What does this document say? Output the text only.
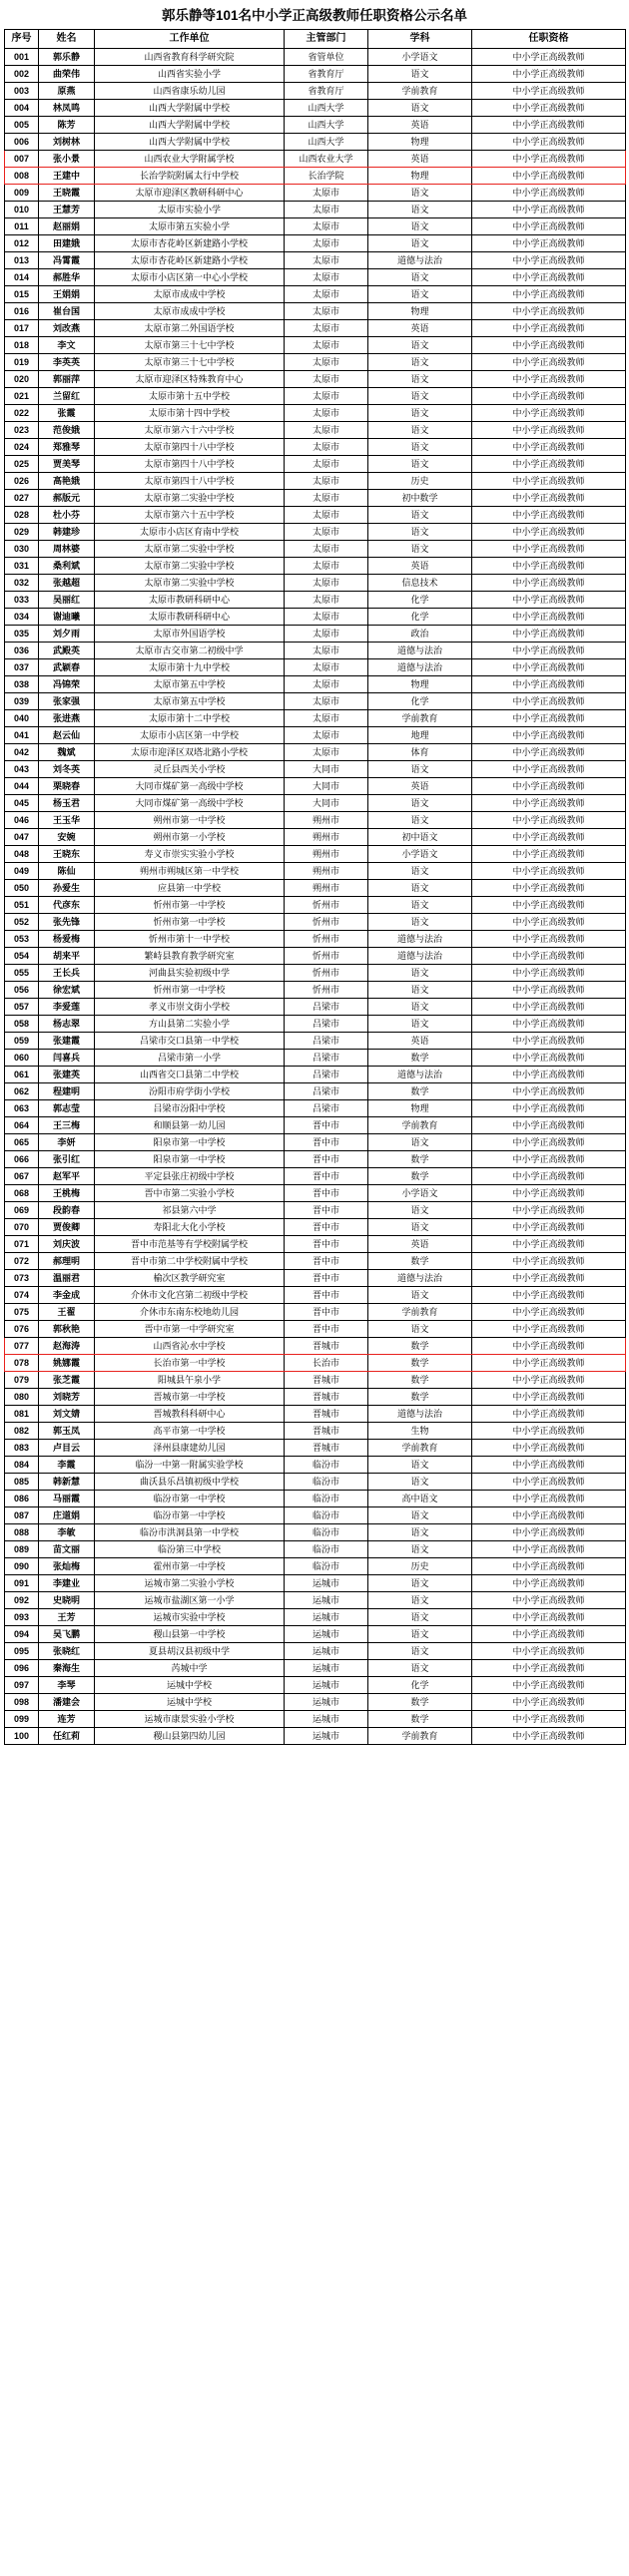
郭乐静等101名中小学正高级教师任职资格公示名单
序号	姓名	工作单位	主管部门	学科	任职资格
001	郭乐静	山西省教育科学研究院	省管单位	小学语文	中小学正高级教师
002	曲荣伟	山西省实验小学	省教育厅	语文	中小学正高级教师
003	原燕	山西省康乐幼儿园	省教育厅	学前教育	中小学正高级教师
004	林凤鸣	山西大学附属中学校	山西大学	语文	中小学正高级教师
005	陈芳	山西大学附属中学校	山西大学	英语	中小学正高级教师
006	刘树林	山西大学附属中学校	山西大学	物理	中小学正高级教师
007	张小景	山西农业大学附属学校	山西农业大学	英语	中小学正高级教师
008	王建中	长治学院附属太行中学校	长治学院	物理	中小学正高级教师
009	王晓霞	太原市迎泽区教研科研中心	太原市	语文	中小学正高级教师
010	王慧芳	太原市实验小学	太原市	语文	中小学正高级教师
011	赵丽娟	太原市第五实验小学	太原市	语文	中小学正高级教师
012	田建娥	太原市杏花岭区新建路小学校	太原市	语文	中小学正高级教师
013	冯霄霞	太原市杏花岭区新建路小学校	太原市	道德与法治	中小学正高级教师
014	郝胜华	太原市小店区第一中心小学校	太原市	语文	中小学正高级教师
015	王娟娟	太原市成成中学校	太原市	语文	中小学正高级教师
016	崔台国	太原市成成中学校	太原市	物理	中小学正高级教师
017	刘改燕	太原市第二外国语学校	太原市	英语	中小学正高级教师
018	李文	太原市第三十七中学校	太原市	语文	中小学正高级教师
019	李英英	太原市第三十七中学校	太原市	语文	中小学正高级教师
020	郭丽萍	太原市迎泽区特殊教育中心	太原市	语文	中小学正高级教师
021	兰留红	太原市第十五中学校	太原市	语文	中小学正高级教师
022	张霞	太原市第十四中学校	太原市	语文	中小学正高级教师
023	范俊娥	太原市第六十六中学校	太原市	语文	中小学正高级教师
024	郑雅琴	太原市第四十八中学校	太原市	语文	中小学正高级教师
025	贾美琴	太原市第四十八中学校	太原市	语文	中小学正高级教师
026	高艳娥	太原市第四十八中学校	太原市	历史	中小学正高级教师
027	郝版元	太原市第二实验中学校	太原市	初中数学	中小学正高级教师
028	杜小芬	太原市第六十五中学校	太原市	语文	中小学正高级教师
029	韩建珍	太原市小店区育南中学校	太原市	语文	中小学正高级教师
030	周林婆	太原市第二实验中学校	太原市	语文	中小学正高级教师
031	桑利斌	太原市第二实验中学校	太原市	英语	中小学正高级教师
032	张越超	太原市第二实验中学校	太原市	信息技术	中小学正高级教师
033	吴丽红	太原市教研科研中心	太原市	化学	中小学正高级教师
034	谢迪曦	太原市教研科研中心	太原市	化学	中小学正高级教师
035	刘夕雨	太原市外国语学校	太原市	政治	中小学正高级教师
036	武殿英	太原市古交市第二初级中学	太原市	道德与法治	中小学正高级教师
037	武颖春	太原市第十九中学校	太原市	道德与法治	中小学正高级教师
038	冯锦荣	太原市第五中学校	太原市	物理	中小学正高级教师
039	张家强	太原市第五中学校	太原市	化学	中小学正高级教师
040	张进燕	太原市第十二中学校	太原市	学前教育	中小学正高级教师
041	赵云仙	太原市小店区第一中学校	太原市	地理	中小学正高级教师
042	魏斌	太原市迎泽区双塔北路小学校	太原市	体育	中小学正高级教师
043	刘冬英	灵丘县西关小学校	大同市	语文	中小学正高级教师
044	栗晓春	大同市煤矿第一高级中学校	大同市	英语	中小学正高级教师
045	杨玉君	大同市煤矿第一高级中学校	大同市	语文	中小学正高级教师
046	王玉华	朔州市第一中学校	朔州市	语文	中小学正高级教师
047	安婉	朔州市第一小学校	朔州市	初中语文	中小学正高级教师
048	王晓东	寿义市崇实实验小学校	朔州市	小学语文	中小学正高级教师
049	陈仙	朔州市朔城区第一中学校	朔州市	语文	中小学正高级教师
050	孙爱生	应县第一中学校	朔州市	语文	中小学正高级教师
051	代彦东	忻州市第一中学校	忻州市	语文	中小学正高级教师
052	张先锋	忻州市第一中学校	忻州市	语文	中小学正高级教师
053	杨爱梅	忻州市第十一中学校	忻州市	道德与法治	中小学正高级教师
054	胡来平	繁峙县教育教学研究室	忻州市	道德与法治	中小学正高级教师
055	王长兵	河曲县实验初级中学	忻州市	语文	中小学正高级教师
056	徐宏斌	忻州市第一中学校	忻州市	语文	中小学正高级教师
057	李爱莲	孝义市崇文街小学校	吕梁市	语文	中小学正高级教师
058	杨志翠	方山县第二实验小学	吕梁市	语文	中小学正高级教师
059	张建霞	吕梁市交口县第一中学校	吕梁市	英语	中小学正高级教师
060	闫喜兵	吕梁市第一小学	吕梁市	数学	中小学正高级教师
061	张建英	山西省交口县第二中学校	吕梁市	道德与法治	中小学正高级教师
062	程建明	汾阳市府学街小学校	吕梁市	数学	中小学正高级教师
063	郭志莹	吕梁市汾阳中学校	吕梁市	物理	中小学正高级教师
064	王三梅	和顺县第一幼儿园	晋中市	学前教育	中小学正高级教师
065	李妍	阳泉市第一中学校	晋中市	语文	中小学正高级教师
066	张引红	阳泉市第一中学校	晋中市	数学	中小学正高级教师
067	赵军平	平定县张庄初级中学校	晋中市	数学	中小学正高级教师
068	王桃梅	晋中市第二实验小学校	晋中市	小学语文	中小学正高级教师
069	段韵春	祁县第六中学	晋中市	语文	中小学正高级教师
070	贾俊卿	寿阳北大化小学校	晋中市	语文	中小学正高级教师
071	刘庆波	晋中市范基等有学校附属学校	晋中市	英语	中小学正高级教师
072	郝理明	晋中市第二中学校附属中学校	晋中市	数学	中小学正高级教师
073	温丽君	榆次区教学研究室	晋中市	道德与法治	中小学正高级教师
074	李金成	介休市文化宫第二初级中学校	晋中市	语文	中小学正高级教师
075	王翟	介休市东南东校地幼儿园	晋中市	学前教育	中小学正高级教师
076	郭秋艳	晋中市第一中学研究室	晋中市	语文	中小学正高级教师
077	赵海涛	山西省沁水中学校	晋城市	数学	中小学正高级教师
078	姚娜霞	长治市第一中学校	长治市	数学	中小学正高级教师
079	张芝霞	阳城县午泉小学	晋城市	数学	中小学正高级教师
080	刘晓芳	晋城市第一中学校	晋城市	数学	中小学正高级教师
081	刘文婧	晋城教科科研中心	晋城市	道德与法治	中小学正高级教师
082	郭玉凤	高平市第一中学校	晋城市	生物	中小学正高级教师
083	卢目云	泽州县康建幼儿园	晋城市	学前教育	中小学正高级教师
084	李霞	临汾一中第一附属实验学校	临汾市	语文	中小学正高级教师
085	韩新慧	曲沃县乐昌镇初级中学校	临汾市	语文	中小学正高级教师
086	马丽霞	临汾市第一中学校	临汾市	高中语文	中小学正高级教师
087	庄道娟	临汾市第一中学校	临汾市	语文	中小学正高级教师
088	李敏	临汾市洪洞县第一中学校	临汾市	语文	中小学正高级教师
089	苗文丽	临汾第三中学校	临汾市	语文	中小学正高级教师
090	张灿梅	霍州市第一中学校	临汾市	历史	中小学正高级教师
091	李建业	运城市第二实验小学校	运城市	语文	中小学正高级教师
092	史晓明	运城市盐湖区第一小学	运城市	语文	中小学正高级教师
093	王芳	运城市实验中学校	运城市	语文	中小学正高级教师
094	吴飞鹏	稷山县第一中学校	运城市	语文	中小学正高级教师
095	张晓红	夏县胡汉县初级中学	运城市	语文	中小学正高级教师
096	秦海生	芮城中学	运城市	语文	中小学正高级教师
097	李琴	运城中学校	运城市	化学	中小学正高级教师
098	潘建会	运城中学校	运城市	数学	中小学正高级教师
099	连芳	运城市康景实验小学校	运城市	数学	中小学正高级教师
100	任红莉	稷山县第四幼儿园	运城市	学前教育	中小学正高级教师
